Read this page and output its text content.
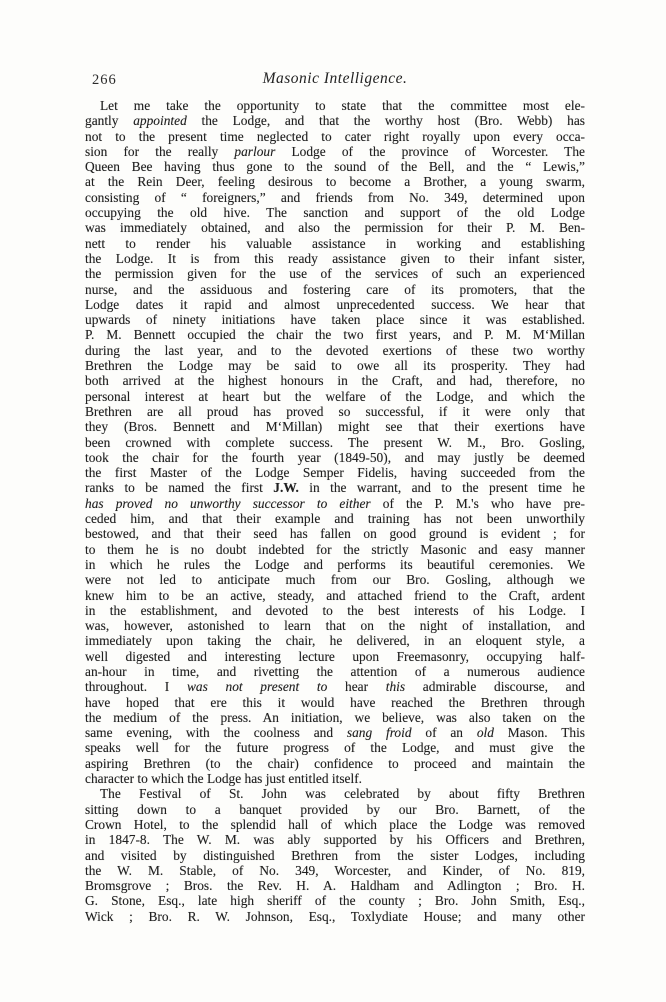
266	Masonic Intelligence.
Let me take the opportunity to state that the committee most ele-
gantly appointed the Lodge, and that the worthy host (Bro. Webb) has
not to the present time neglected to cater right royally upon every occa-
sion for the really parlour Lodge of the province of Worcester. The
Queen Bee having thus gone to the sound of the Bell, and the “ Lewis,”
at the Rein Deer, feeling desirous to become a Brother, a young swarm,
consisting of “ foreigners,” and friends from No. 349, determined upon
occupying the old hive. The sanction and support of the old Lodge
was immediately obtained, and also the permission for their P. M. Ben-
nett to render his valuable assistance in working and establishing
the Lodge. It is from this ready assistance given to their infant sister,
the permission given for the use of the services of such an experienced
nurse, and the assiduous and fostering care of its promoters, that the
Lodge dates it rapid and almost unprecedented success. We hear that
upwards of ninety initiations have taken place since it was established.
P. M. Bennett occupied the chair the two first years, and P. M. M‘Millan
during the last year, and to the devoted exertions of these two worthy
Brethren the Lodge may be said to owe all its prosperity. They had
both arrived at the highest honours in the Craft, and had, therefore, no
personal interest at heart but the welfare of the Lodge, and which the
Brethren are all proud has proved so successful, if it were only that
they (Bros. Bennett and M‘Millan) might see that their exertions have
been crowned with complete success. The present W. M., Bro. Gosling,
took the chair for the fourth year (1849-50), and may justly be deemed
the first Master of the Lodge Semper Fidelis, having succeeded from the
ranks to be named the first J.W. in the warrant, and to the present time he
has proved no unworthy successor to either of the P. M.'s who have pre-
ceded him, and that their example and training has not been unworthily
bestowed, and that their seed has fallen on good ground is evident ; for
to them he is no doubt indebted for the strictly Masonic and easy manner
in which he rules the Lodge and performs its beautiful ceremonies. We
were not led to anticipate much from our Bro. Gosling, although we
knew him to be an active, steady, and attached friend to the Craft, ardent
in the establishment, and devoted to the best interests of his Lodge. I
was, however, astonished to learn that on the night of installation, and
immediately upon taking the chair, he delivered, in an eloquent style, a
well digested and interesting lecture upon Freemasonry, occupying half-
an-hour in time, and rivetting the attention of a numerous audience
throughout. I was not present to hear this admirable discourse, and
have hoped that ere this it would have reached the Brethren through
the medium of the press. An initiation, we believe, was also taken on the
same evening, with the coolness and sang froid of an old Mason. This
speaks well for the future progress of the Lodge, and must give the
aspiring Brethren (to the chair) confidence to proceed and maintain the
character to which the Lodge has just entitled itself.
The Festival of St. John was celebrated by about fifty Brethren
sitting down to a banquet provided by our Bro. Barnett, of the
Crown Hotel, to the splendid hall of which place the Lodge was removed
in 1847-8. The W. M. was ably supported by his Officers and Brethren,
and visited by distinguished Brethren from the sister Lodges, including
the W. M. Stable, of No. 349, Worcester, and Kinder, of No. 819,
Bromsgrove ; Bros. the Rev. H. A. Haldham and Adlington ; Bro. H.
G. Stone, Esq., late high sheriff of the county ; Bro. John Smith, Esq.,
Wick ; Bro. R. W. Johnson, Esq., Toxlydiate House; and many other
